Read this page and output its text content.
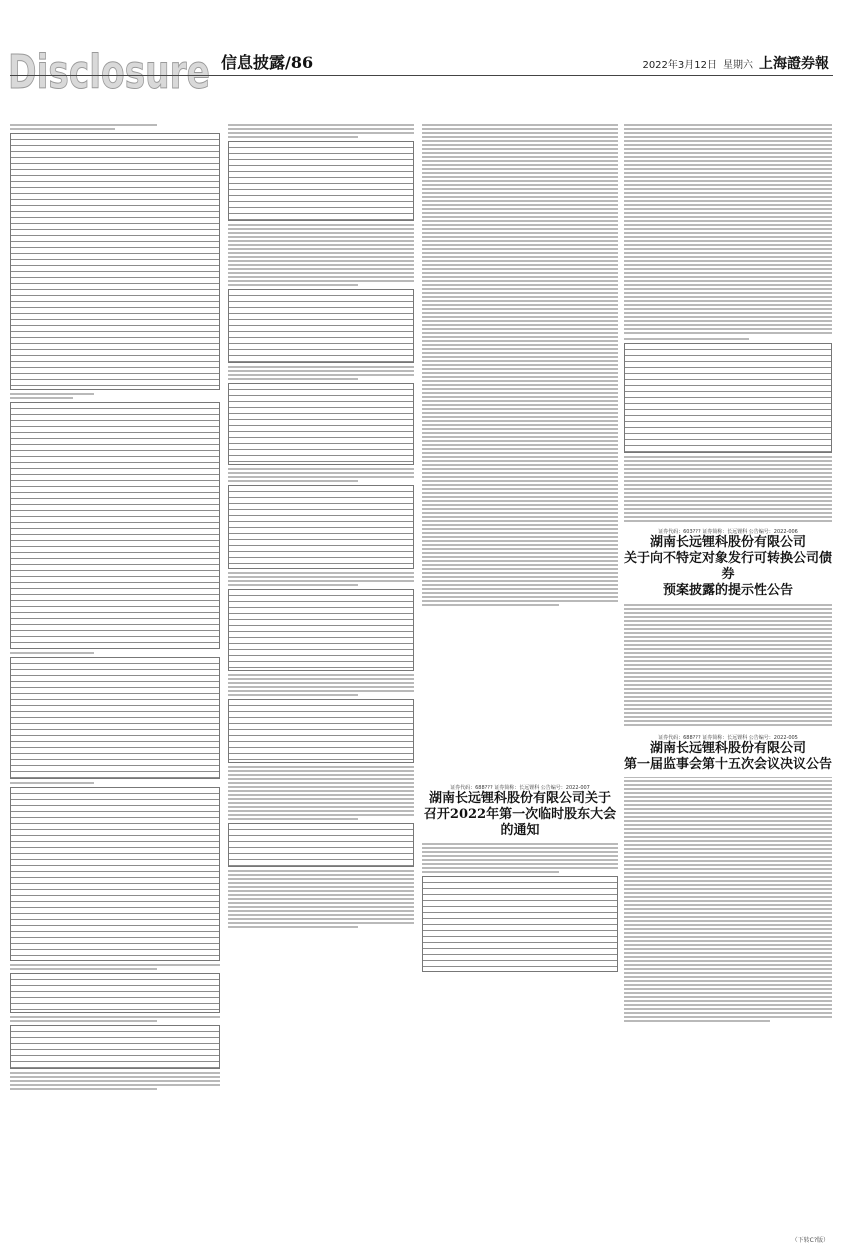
Disclosure 信息披露/86	2022年3月12日 星期六 上海證券報
证券代码：603??? 证券简称：长远锂科 公告编号：2022-006
湖南长远锂科股份有限公司
关于向不特定对象发行可转换公司债券
预案披露的提示性公告
证券代码：688??? 证券简称：长远锂科 公告编号：2022-005
湖南长远锂科股份有限公司
第一届监事会第十五次会议决议公告
证券代码：688??? 证券简称：长远锂科 公告编号：2022-007
湖南长远锂科股份有限公司关于
召开2022年第一次临时股东大会的通知
（下转C?版）
